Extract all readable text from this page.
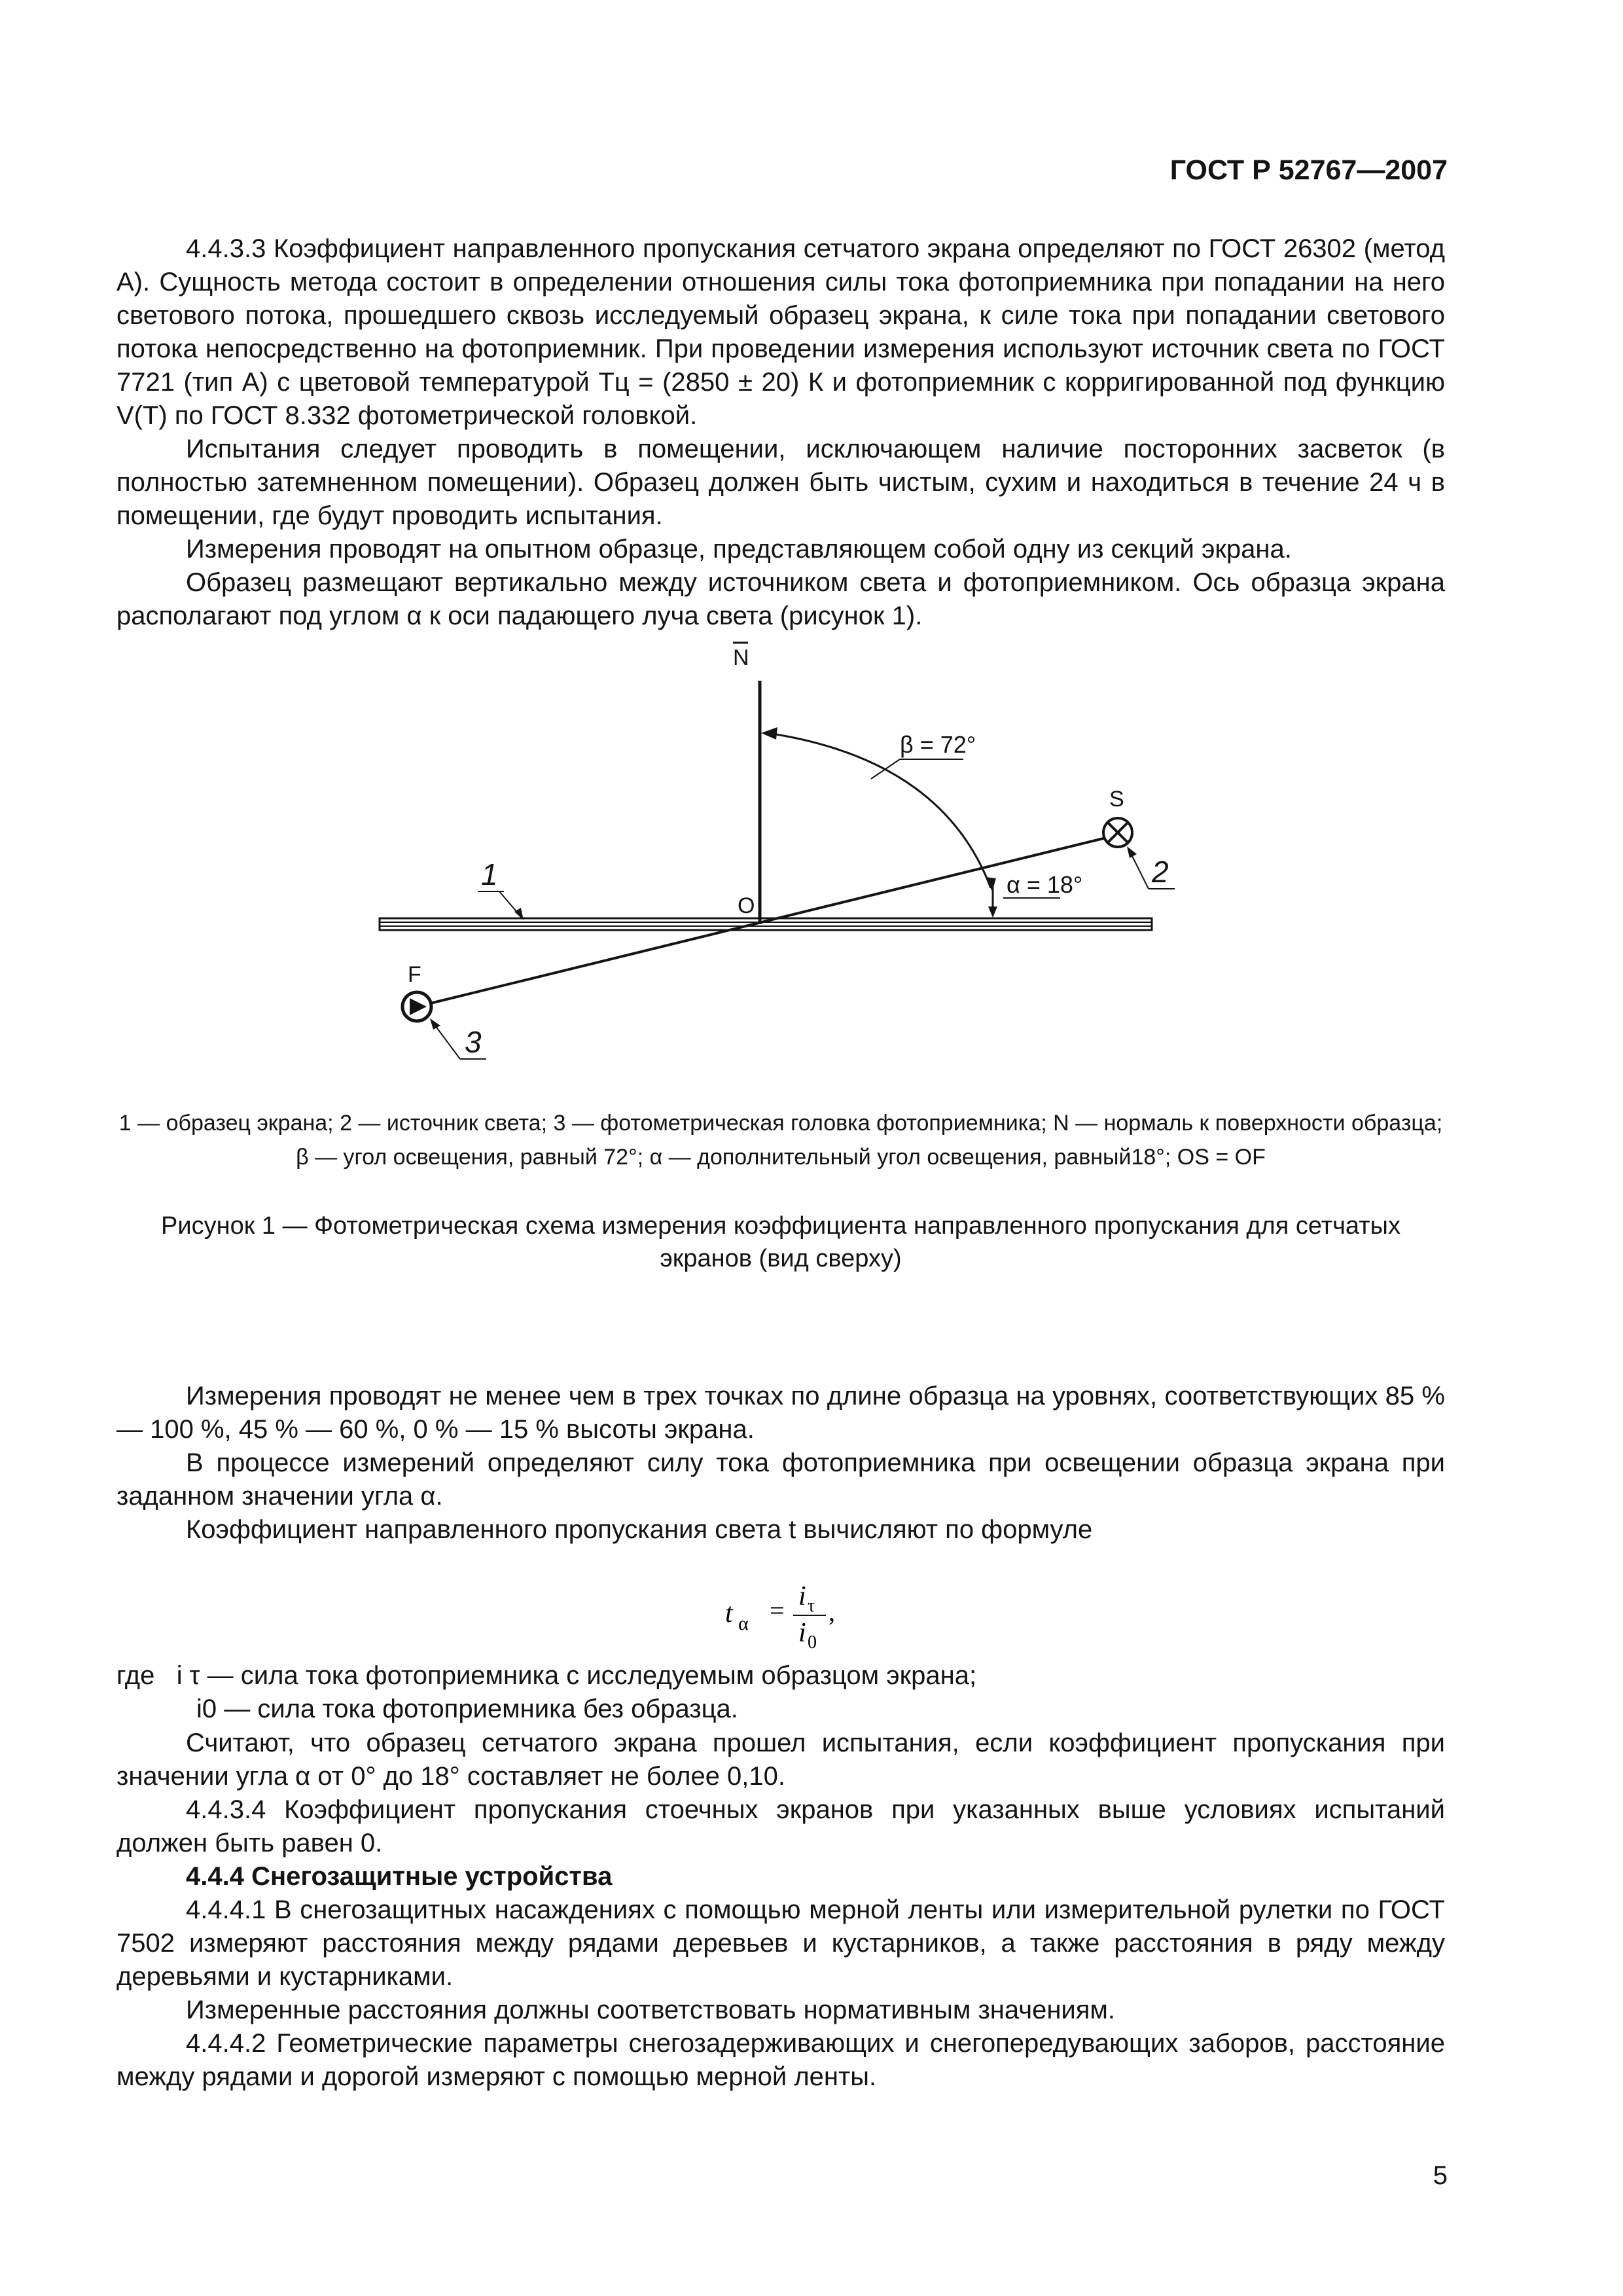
ГОСТ Р 52767—2007

4.4.3.3 Коэффициент направленного пропускания сетчатого экрана определяют по ГОСТ 26302 (метод А). Сущность метода состоит в определении отношения силы тока фотоприемника при попадании на него светового потока, прошедшего сквозь исследуемый образец экрана, к силе тока при попадании светового потока непосредственно на фотоприемник. При проведении измерения используют источник света по ГОСТ 7721 (тип А) с цветовой температурой Тц = (2850 ± 20) К и фотоприемник с корригированной под функцию V(T) по ГОСТ 8.332 фотометрической головкой.

Испытания следует проводить в помещении, исключающем наличие посторонних засветок (в полностью затемненном помещении). Образец должен быть чистым, сухим и находиться в течение 24 ч в помещении, где будут проводить испытания.

Измерения проводят на опытном образце, представляющем собой одну из секций экрана.

Образец размещают вертикально между источником света и фотоприемником. Ось образца экрана располагают под углом α к оси падающего луча света (рисунок 1).

β = 72°
α = 18°
N
O
S
F
1	2
3
1 — образец экрана; 2 — источник света; 3 — фотометрическая головка фотоприемника; N — нормаль к поверхности образца;
β — угол освещения, равный 72°; α — дополнительный угол освещения, равный18°; OS = OF
Рисунок 1 — Фотометрическая схема измерения коэффициента направленного пропускания для сетчатых
экранов (вид сверху)

Измерения проводят не менее чем в трех точках по длине образца на уровнях, соответствующих 85 % — 100 %, 45 % — 60 %, 0 % — 15 % высоты экрана.

В процессе измерений определяют силу тока фотоприемника при освещении образца экрана при заданном значении угла α.

Коэффициент направленного пропускания света t вычисляют по формуле

t α = i τ
i 0
,
где i τ — сила тока фотоприемника с исследуемым образцом экрана;
i0 — сила тока фотоприемника без образца.

Считают, что образец сетчатого экрана прошел испытания, если коэффициент пропускания при значении угла α от 0° до 18° составляет не более 0,10.

4.4.3.4 Коэффициент пропускания стоечных экранов при указанных выше условиях испытаний должен быть равен 0.

4.4.4 Снегозащитные устройства

4.4.4.1 В снегозащитных насаждениях с помощью мерной ленты или измерительной рулетки по ГОСТ 7502 измеряют расстояния между рядами деревьев и кустарников, а также расстояния в ряду между деревьями и кустарниками.

Измеренные расстояния должны соответствовать нормативным значениям.

4.4.4.2 Геометрические параметры снегозадерживающих и снегопередувающих заборов, расстояние между рядами и дорогой измеряют с помощью мерной ленты.

5
